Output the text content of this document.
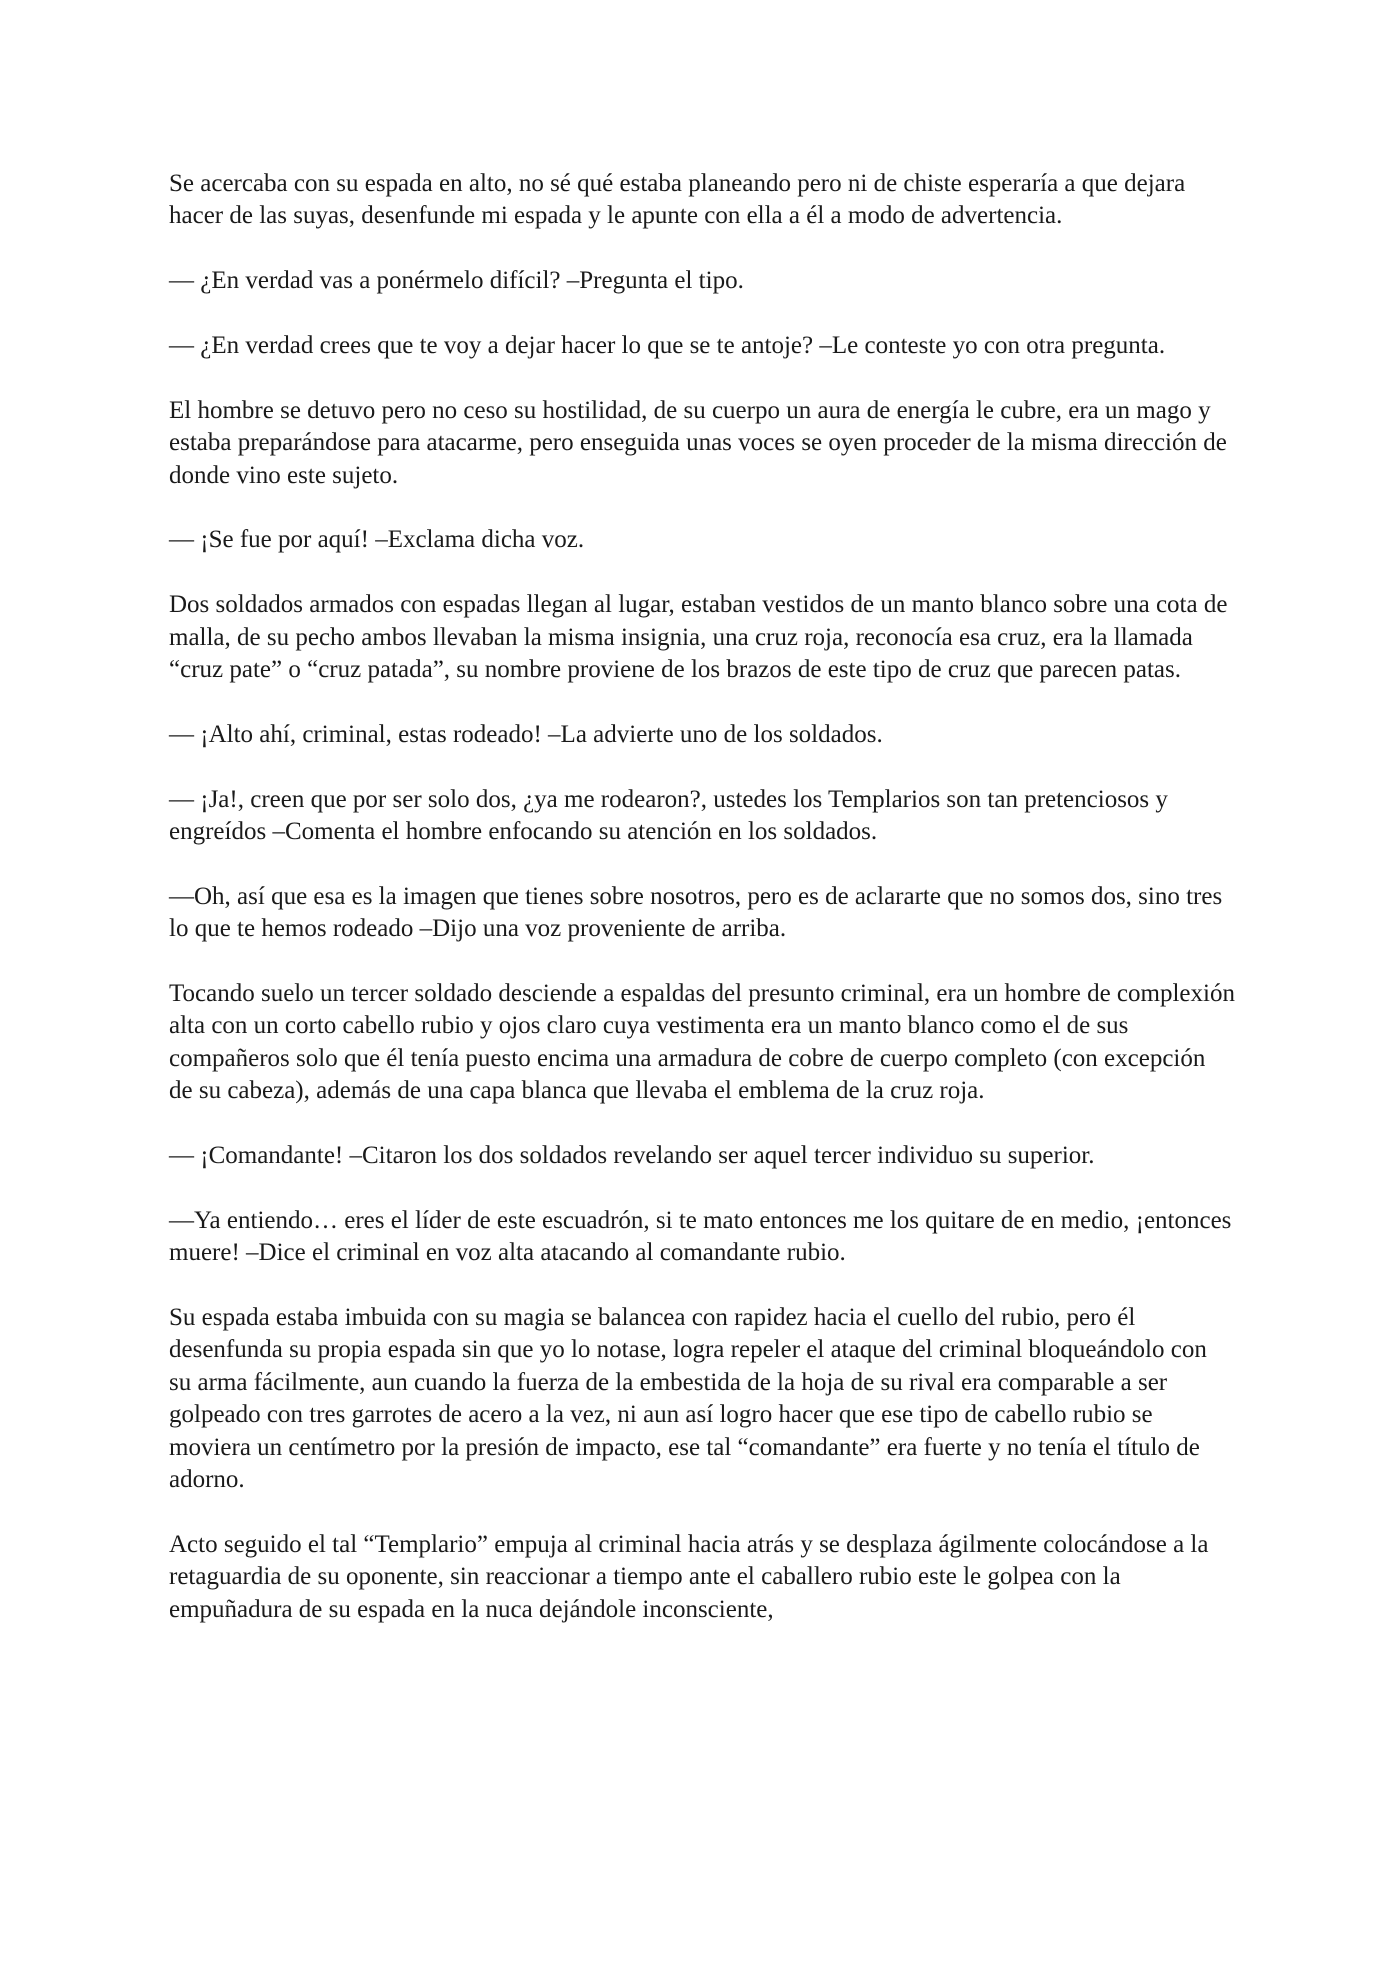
Se acercaba con su espada en alto, no sé qué estaba planeando pero ni de chiste esperaría a que dejara hacer de las suyas, desenfunde mi espada y le apunte con ella a él a modo de advertencia.

— ¿En verdad vas a ponérmelo difícil? –Pregunta el tipo.

— ¿En verdad crees que te voy a dejar hacer lo que se te antoje? –Le conteste yo con otra pregunta.

El hombre se detuvo pero no ceso su hostilidad, de su cuerpo un aura de energía le cubre, era un mago y estaba preparándose para atacarme, pero enseguida unas voces se oyen proceder de la misma dirección de donde vino este sujeto.

— ¡Se fue por aquí! –Exclama dicha voz.

Dos soldados armados con espadas llegan al lugar, estaban vestidos de un manto blanco sobre una cota de malla, de su pecho ambos llevaban la misma insignia, una cruz roja, reconocía esa cruz, era la llamada “cruz pate” o “cruz patada”, su nombre proviene de los brazos de este tipo de cruz que parecen patas.

— ¡Alto ahí, criminal, estas rodeado! –La advierte uno de los soldados.

— ¡Ja!, creen que por ser solo dos, ¿ya me rodearon?, ustedes los Templarios son tan pretenciosos y engreídos –Comenta el hombre enfocando su atención en los soldados.

—Oh, así que esa es la imagen que tienes sobre nosotros, pero es de aclararte que no somos dos, sino tres lo que te hemos rodeado –Dijo una voz proveniente de arriba.

Tocando suelo un tercer soldado desciende a espaldas del presunto criminal, era un hombre de complexión alta con un corto cabello rubio y ojos claro cuya vestimenta era un manto blanco como el de sus compañeros solo que él tenía puesto encima una armadura de cobre de cuerpo completo (con excepción de su cabeza), además de una capa blanca que llevaba el emblema de la cruz roja.

— ¡Comandante! –Citaron los dos soldados revelando ser aquel tercer individuo su superior.

—Ya entiendo… eres el líder de este escuadrón, si te mato entonces me los quitare de en medio, ¡entonces muere! –Dice el criminal en voz alta atacando al comandante rubio.

Su espada estaba imbuida con su magia se balancea con rapidez hacia el cuello del rubio, pero él desenfunda su propia espada sin que yo lo notase, logra repeler el ataque del criminal bloqueándolo con su arma fácilmente, aun cuando la fuerza de la embestida de la hoja de su rival era comparable a ser golpeado con tres garrotes de acero a la vez, ni aun así logro hacer que ese tipo de cabello rubio se moviera un centímetro por la presión de impacto, ese tal “comandante” era fuerte y no tenía el título de adorno.

Acto seguido el tal “Templario” empuja al criminal hacia atrás y se desplaza ágilmente colocándose a la retaguardia de su oponente, sin reaccionar a tiempo ante el caballero rubio este le golpea con la empuñadura de su espada en la nuca dejándole inconsciente,
